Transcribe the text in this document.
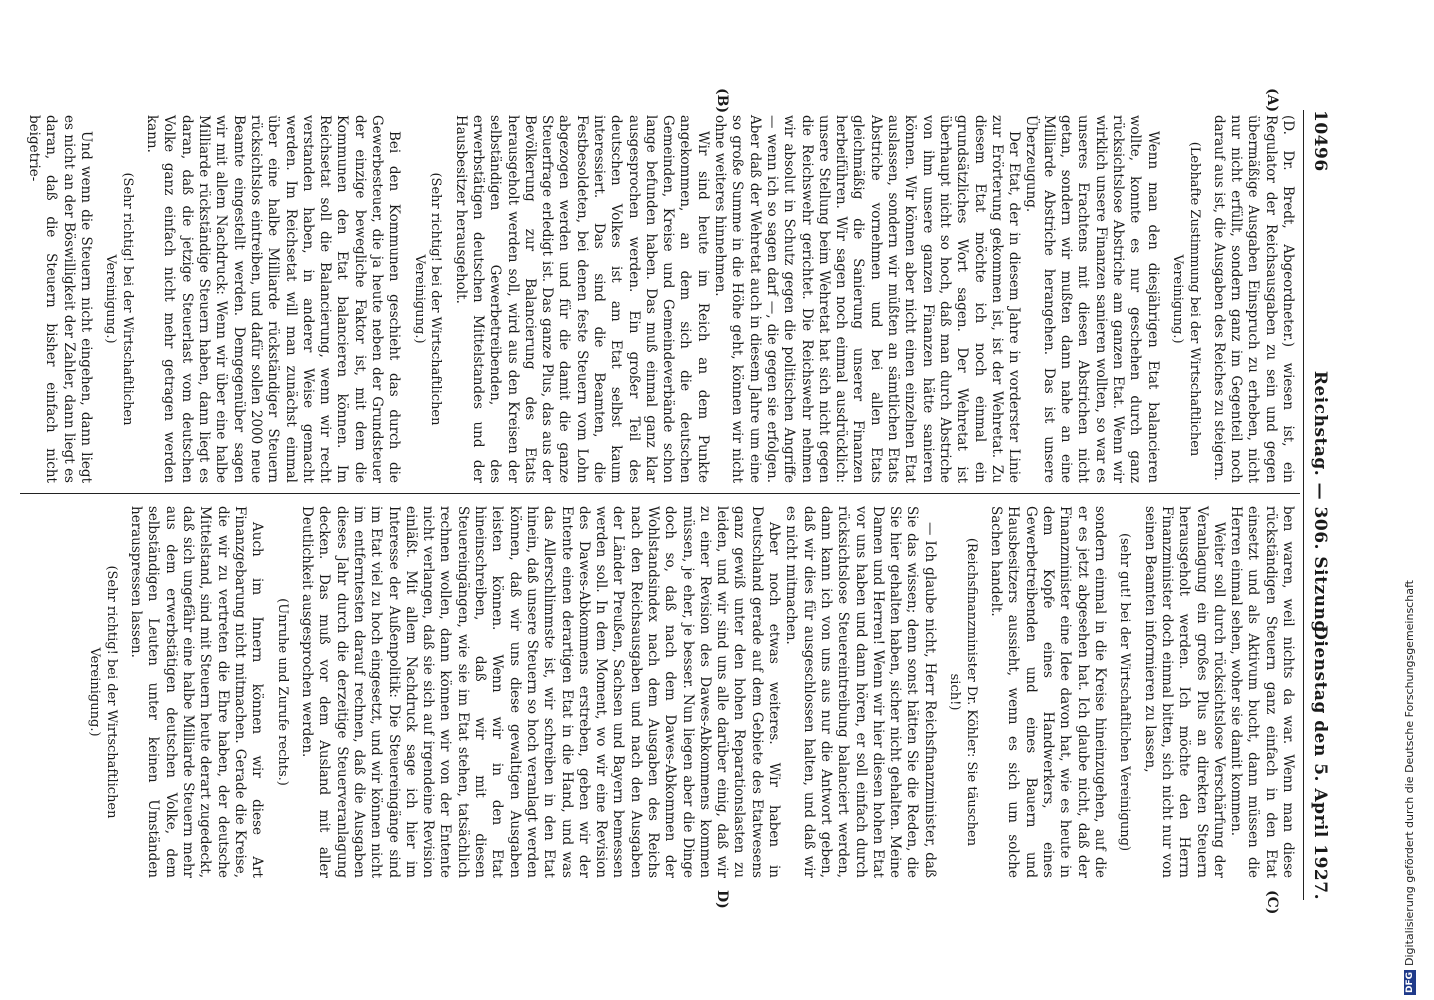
10496
Reichstag. — 306. Sitzung.
Dienstag den 5. April 1927.
(A)
(B)
(C)
D)

(D. Dr. Bredt, Abgeordneter.) wiesen ist, ein Regulator der Reichsausgaben zu sein und gegen übermäßige Ausgaben Einspruch zu erheben, nicht nur nicht erfüllt, sondern ganz im Gegenteil noch darauf aus ist, die Ausgaben des Reiches zu steigern.

(Lebhafte Zustimmung bei der Wirtschaftlichen Vereinigung.)

Wenn man den diesjährigen Etat balancieren wollte, konnte es nur geschehen durch ganz rücksichtslose Abstriche am ganzen Etat. Wenn wir wirklich unsere Finanzen sanieren wollten, so war es unseres Erachtens mit diesen Abstrichen nicht getan, sondern wir mußten dann nahe an eine Milliarde Abstriche herangehen. Das ist unsere Überzeugung.

Der Etat, der in diesem Jahre in vorderster Linie zur Erörterung gekommen ist, ist der Wehretat. Zu diesem Etat möchte ich noch einmal ein grundsätzliches Wort sagen. Der Wehretat ist überhaupt nicht so hoch, daß man durch Abstriche von ihm unsere ganzen Finanzen hätte sanieren können. Wir können aber nicht einen einzelnen Etat auslassen, sondern wir müßten an sämtlichen Etats Abstriche vornehmen und bei allen Etats gleichmäßig die Sanierung unserer Finanzen herbeiführen. Wir sagen noch einmal ausdrücklich: unsere Stellung beim Wehretat hat sich nicht gegen die Reichswehr gerichtet. Die Reichswehr nehmen wir absolut in Schutz gegen die politischen Angriffe — wenn ich so sagen darf —, die gegen sie erfolgen. Aber daß der Wehretat auch in diesem Jahre um eine so große Summe in die Höhe geht, können wir nicht ohne weiteres hinnehmen.

Wir sind heute im Reich an dem Punkte angekommen, an dem sich die deutschen Gemeinden, Kreise und Gemeindeverbände schon lange befunden haben. Das muß einmal ganz klar ausgesprochen werden. Ein großer Teil des deutschen Volkes ist am Etat selbst kaum interessiert. Das sind die Beamten, die Festbesoldeten, bei denen feste Steuern vom Lohn abgezogen werden und für die damit die ganze Steuerfrage erledigt ist. Das ganze Plus, das aus der Bevölkerung zur Balancierung des Etats herausgeholt werden soll, wird aus den Kreisen der selbständigen Gewerbetreibenden, des erwerbstätigen deutschen Mittelstandes und der Hausbesitzer herausgeholt.

(Sehr richtig! bei der Wirtschaftlichen Vereinigung.)

Bei den Kommunen geschieht das durch die Gewerbesteuer, die ja heute neben der Grundsteuer der einzige bewegliche Faktor ist, mit dem die Kommunen den Etat balancieren können. Im Reichsetat soll die Balancierung, wenn wir recht verstanden haben, in anderer Weise gemacht werden. Im Reichsetat will man zunächst einmal über eine halbe Milliarde rückständiger Steuern rücksichtslos eintreiben, und dafür sollen 2000 neue Beamte eingestellt werden. Demgegenüber sagen wir mit allem Nachdruck: Wenn wir über eine halbe Milliarde rückständige Steuern haben, dann liegt es daran, daß die jetzige Steuerlast vom deutschen Volke ganz einfach nicht mehr getragen werden kann.

(Sehr richtig! bei der Wirtschaftlichen Vereinigung.)

Und wenn die Steuern nicht eingehen, dann liegt es nicht an der Böswilligkeit der Zahler, dann liegt es daran, daß die Steuern bisher einfach nicht beigetrie-

ben waren, weil nichts da war. Wenn man diese rückständigen Steuern ganz einfach in den Etat einsetzt und als Aktivum bucht, dann müssen die Herren einmal sehen, woher sie damit kommen.

Weiter soll durch rücksichtslose Verschärfung der Veranlagung ein großes Plus an direkten Steuern herausgeholt werden. Ich möchte den Herrn Finanzminister doch einmal bitten, sich nicht nur von seinen Beamten informieren zu lassen,

(sehr gut! bei der Wirtschaftlichen Vereinigung)

sondern einmal in die Kreise hineinzugehen, auf die er es jetzt abgesehen hat. Ich glaube nicht, daß der Finanzminister eine Idee davon hat, wie es heute in dem Kopfe eines Handwerkers, eines Gewerbetreibenden und eines Bauern und Hausbesitzers aussieht, wenn es sich um solche Sachen handelt.

(Reichsfinanzminister Dr. Köhler: Sie täuschen sich!)

— Ich glaube nicht, Herr Reichsfinanzminister, daß Sie das wissen; denn sonst hätten Sie die Reden, die Sie hier gehalten haben, sicher nicht gehalten. Meine Damen und Herren! Wenn wir hier diesen hohen Etat vor uns haben und dann hören, er soll einfach durch rücksichtslose Steuereintreibung balanciert werden, dann kann ich von uns aus nur die Antwort geben, daß wir dies für ausgeschlossen halten, und daß wir es nicht mitmachen.

Aber noch etwas weiteres. Wir haben in Deutschland gerade auf dem Gebiete des Etatwesens ganz gewiß unter den hohen Reparationslasten zu leiden, und wir sind uns alle darüber einig, daß wir zu einer Revision des Dawes-Abkommens kommen müssen, je eher, je besser. Nun liegen aber die Dinge doch so, daß nach dem Dawes-Abkommen der Wohlstandsindex nach dem Ausgaben des Reichs nach den Reichsausgaben und nach den Ausgaben der Länder Preußen, Sachsen und Bayern bemessen werden soll. In dem Moment, wo wir eine Revision des Dawes-Abkommens erstreben, geben wir der Entente einen derartigen Etat in die Hand, und was das Allerschlimmste ist, wir schreiben in den Etat hinein, daß unsere Steuern so hoch veranlagt werden können, daß wir uns diese gewaltigen Ausgaben leisten können. Wenn wir in den Etat hineinschreiben, daß wir mit diesen Steuereingängen, wie sie im Etat stehen, tatsächlich rechnen wollen, dann können wir von der Entente nicht verlangen, daß sie sich auf irgendeine Revision einläßt. Mit allem Nachdruck sage ich hier im Interesse der Außenpolitik: Die Steuereingänge sind im Etat viel zu hoch eingesetzt, und wir können nicht im entferntesten darauf rechnen, daß die Ausgaben dieses Jahr durch die derzeitige Steuerveranlagung decken. Das muß vor dem Ausland mit aller Deutlichkeit ausgesprochen werden.

(Unruhe und Zurufe rechts.)

Auch im Innern können wir diese Art Finanzgebarung nicht mitmachen. Gerade die Kreise, die wir zu vertreten die Ehre haben, der deutsche Mittelstand, sind mit Steuern heute derart zugedeckt, daß sich ungefähr eine halbe Milliarde Steuern mehr aus dem erwerbstätigen deutschen Volke, dem selbständigen Leuten unter keinen Umständen herauspressen lassen.

(Sehr richtig! bei der Wirtschaftlichen Vereinigung.)

DFGDigitalisierung gefördert durch die Deutsche Forschungsgemeinschaft
